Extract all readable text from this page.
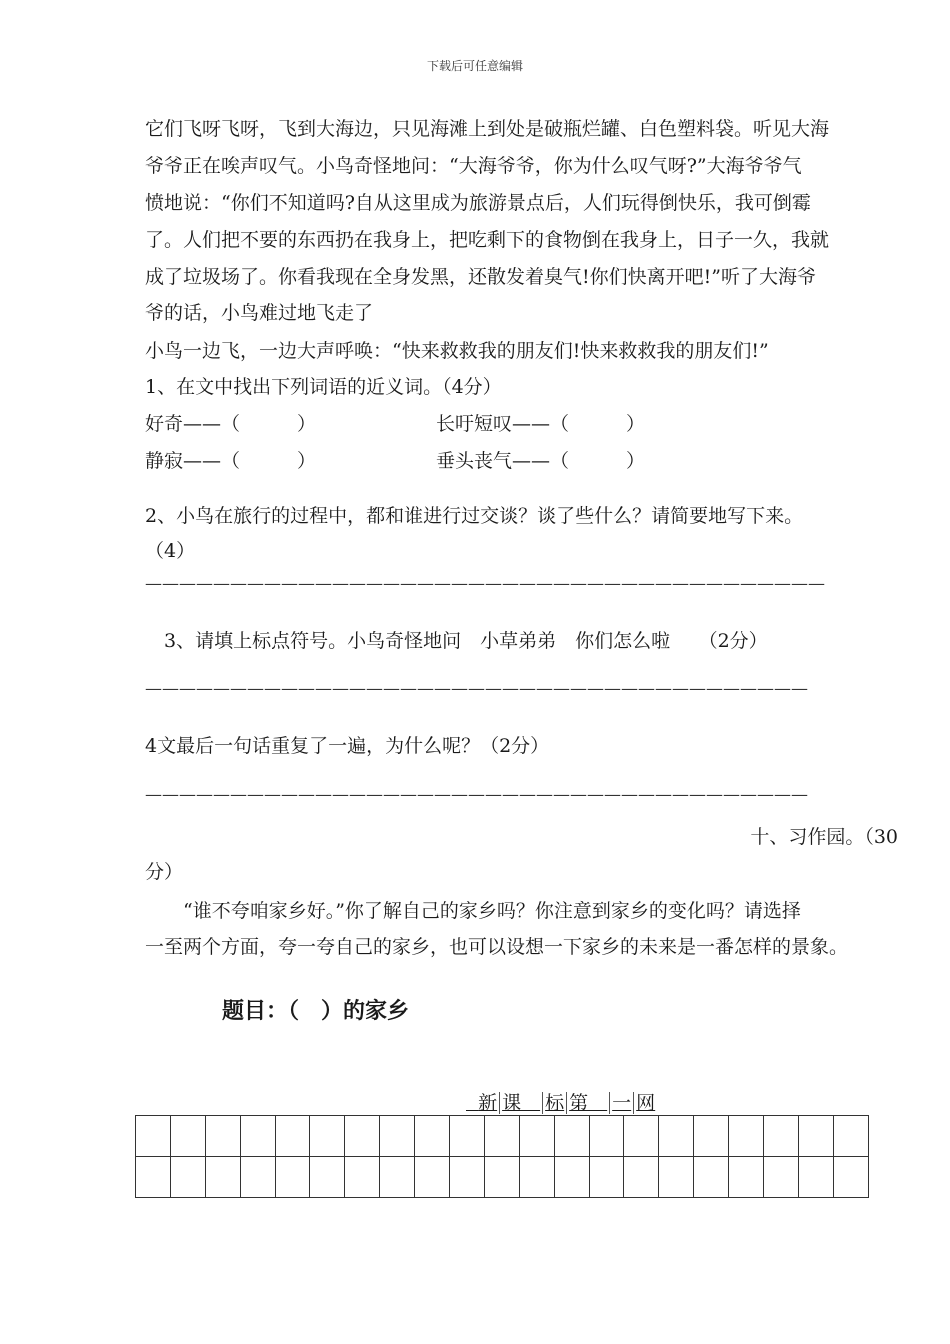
下载后可任意编辑
它们飞呀飞呀，飞到大海边，只见海滩上到处是破瓶烂罐、白色塑料袋。听见大海
爷爷正在唉声叹气。小鸟奇怪地问：“大海爷爷，你为什么叹气呀?”大海爷爷气
愤地说：“你们不知道吗?自从这里成为旅游景点后，人们玩得倒快乐，我可倒霉
了。人们把不要的东西扔在我身上，把吃剩下的食物倒在我身上，日子一久，我就
成了垃圾场了。你看我现在全身发黑，还散发着臭气!你们快离开吧!”听了大海爷
爷的话，小鸟难过地飞走了
小鸟一边飞，一边大声呼唤：“快来救救我的朋友们!快来救救我的朋友们!”
1、在文中找出下列词语的近义词。（4分）
好奇——（　　　）	长吁短叹——（　　　）
静寂——（　　　）	垂头丧气——（　　　）
2、小鸟在旅行的过程中，都和谁进行过交谈？谈了些什么？请简要地写下来。
（4）
————————————————————————————————————————
3、请填上标点符号。小鸟奇怪地问　小草弟弟　你们怎么啦　　（2分）
———————————————————————————————————————
4文最后一句话重复了一遍，为什么呢？（2分）
———————————————————————————————————————
十、习作园。（30
分）
“谁不夸咱家乡好。”你了解自己的家乡吗？你注意到家乡的变化吗？请选择
一至两个方面，夸一夸自己的家乡，也可以设想一下家乡的未来是一番怎样的景象。
题目：（　）的家乡

新 课　标 第　一 网
